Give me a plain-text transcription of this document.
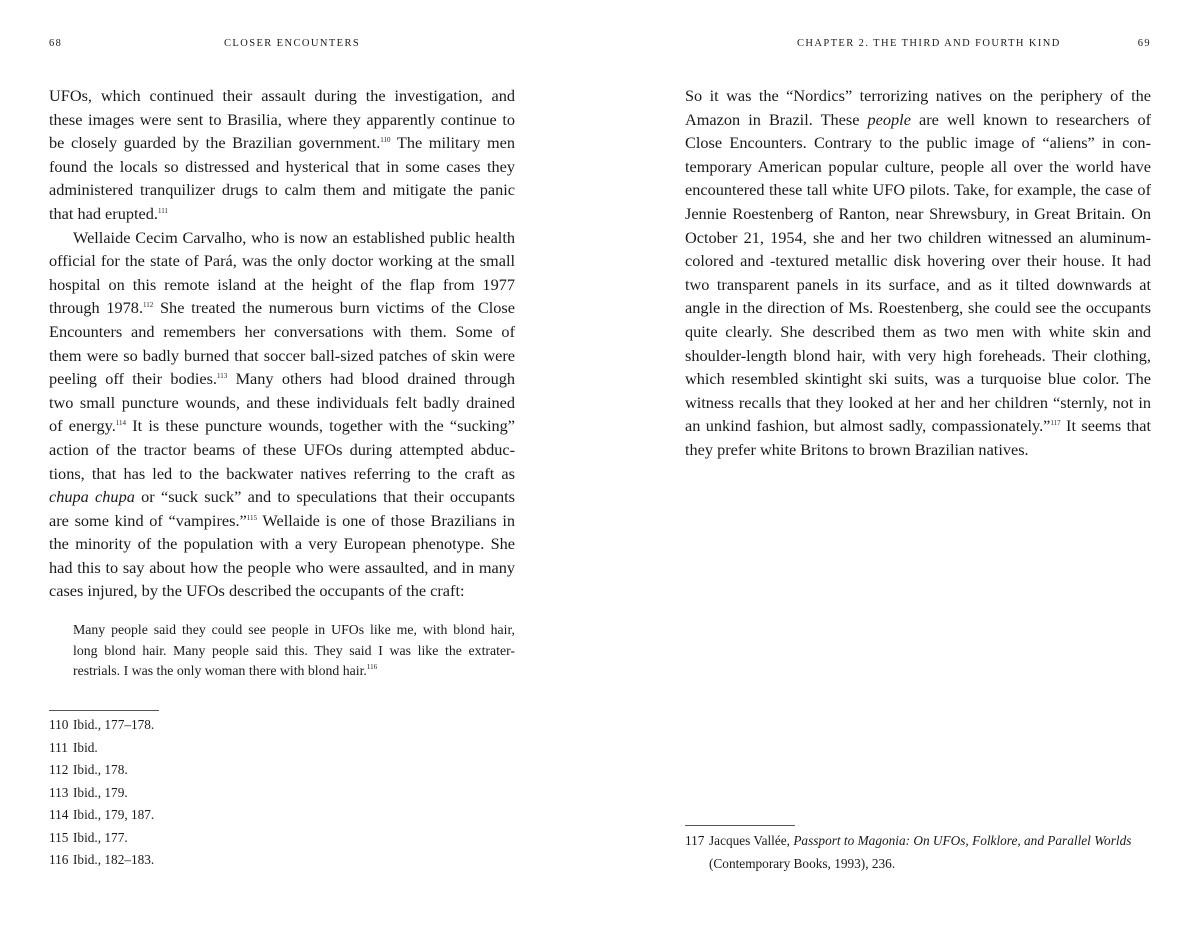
68	CLOSER ENCOUNTERS
UFOs, which continued their assault during the investigation, and
these images were sent to Brasilia, where they apparently continue to
be closely guarded by the Brazilian government.$^{110}$ The military men
found the locals so distressed and hysterical that in some cases they
administered tranquilizer drugs to calm them and mitigate the panic
that had erupted.$^{111}$
Wellaide Cecim Carvalho, who is now an established public health
official for the state of Pará, was the only doctor working at the small
hospital on this remote island at the height of the flap from 1977
through 1978.$^{112}$ She treated the numerous burn victims of the Close
Encounters and remembers her conversations with them. Some of
them were so badly burned that soccer ball-sized patches of skin were
peeling off their bodies.$^{113}$ Many others had blood drained through
two small puncture wounds, and these individuals felt badly drained
of energy.$^{114}$ It is these puncture wounds, together with the “sucking”
action of the tractor beams of these UFOs during attempted abduc-
tions, that has led to the backwater natives referring to the craft as
chupa chupa or “suck suck” and to speculations that their occupants
are some kind of “vampires.”$^{115}$ Wellaide is one of those Brazilians in
the minority of the population with a very European phenotype. She
had this to say about how the people who were assaulted, and in many
cases injured, by the UFOs described the occupants of the craft:
Many people said they could see people in UFOs like me, with blond hair,
long blond hair. Many people said this. They said I was like the extrater-
restrials. I was the only woman there with blond hair.$^{116}$
110 Ibid., 177–178.
111 Ibid.
112 Ibid., 178.
113 Ibid., 179.
114 Ibid., 179, 187.
115 Ibid., 177.
116 Ibid., 182–183.
CHAPTER 2. THE THIRD AND FOURTH KIND	69
So it was the “Nordics” terrorizing natives on the periphery of the
Amazon in Brazil. These people are well known to researchers of
Close Encounters. Contrary to the public image of “aliens” in con-
temporary American popular culture, people all over the world have
encountered these tall white UFO pilots. Take, for example, the case of
Jennie Roestenberg of Ranton, near Shrewsbury, in Great Britain. On
October 21, 1954, she and her two children witnessed an aluminum-
colored and -textured metallic disk hovering over their house. It had
two transparent panels in its surface, and as it tilted downwards at
angle in the direction of Ms. Roestenberg, she could see the occupants
quite clearly. She described them as two men with white skin and
shoulder-length blond hair, with very high foreheads. Their clothing,
which resembled skintight ski suits, was a turquoise blue color. The
witness recalls that they looked at her and her children “sternly, not in
an unkind fashion, but almost sadly, compassionately.”$^{117}$ It seems that
they prefer white Britons to brown Brazilian natives.
117 Jacques Vallée, Passport to Magonia: On UFOs, Folklore, and Parallel Worlds
(Contemporary Books, 1993), 236.
